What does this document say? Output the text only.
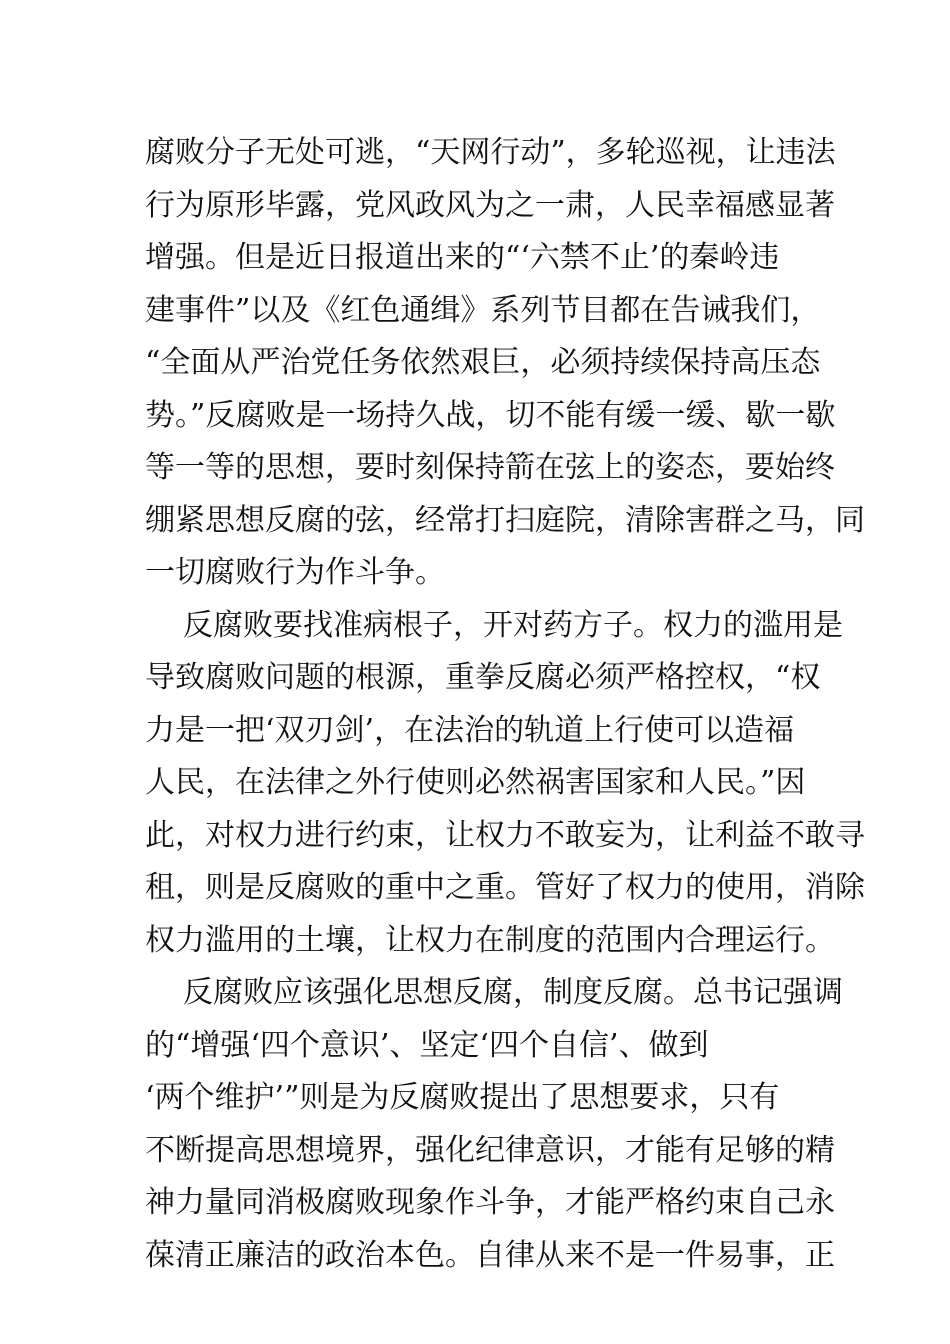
腐败分子无处可逃，“天网行动”，多轮巡视，让违法
行为原形毕露，党风政风为之一肃，人民幸福感显著
增强。但是近日报道出来的“‘六禁不止’的秦岭违
建事件”以及《红色通缉》系列节目都在告诫我们，
“全面从严治党任务依然艰巨，必须持续保持高压态
势。”反腐败是一场持久战，切不能有缓一缓、歇一歇
等一等的思想，要时刻保持箭在弦上的姿态，要始终
绷紧思想反腐的弦，经常打扫庭院，清除害群之马，同
一切腐败行为作斗争。
反腐败要找准病根子，开对药方子。权力的滥用是
导致腐败问题的根源，重拳反腐必须严格控权，“权
力是一把‘双刃剑’，在法治的轨道上行使可以造福
人民，在法律之外行使则必然祸害国家和人民。”因
此，对权力进行约束，让权力不敢妄为，让利益不敢寻
租，则是反腐败的重中之重。管好了权力的使用，消除
权力滥用的土壤，让权力在制度的范围内合理运行。
反腐败应该强化思想反腐，制度反腐。总书记强调
的“增强‘四个意识’、坚定‘四个自信’、做到
‘两个维护’”则是为反腐败提出了思想要求，只有
不断提高思想境界，强化纪律意识，才能有足够的精
神力量同消极腐败现象作斗争，才能严格约束自己永
葆清正廉洁的政治本色。自律从来不是一件易事，正
